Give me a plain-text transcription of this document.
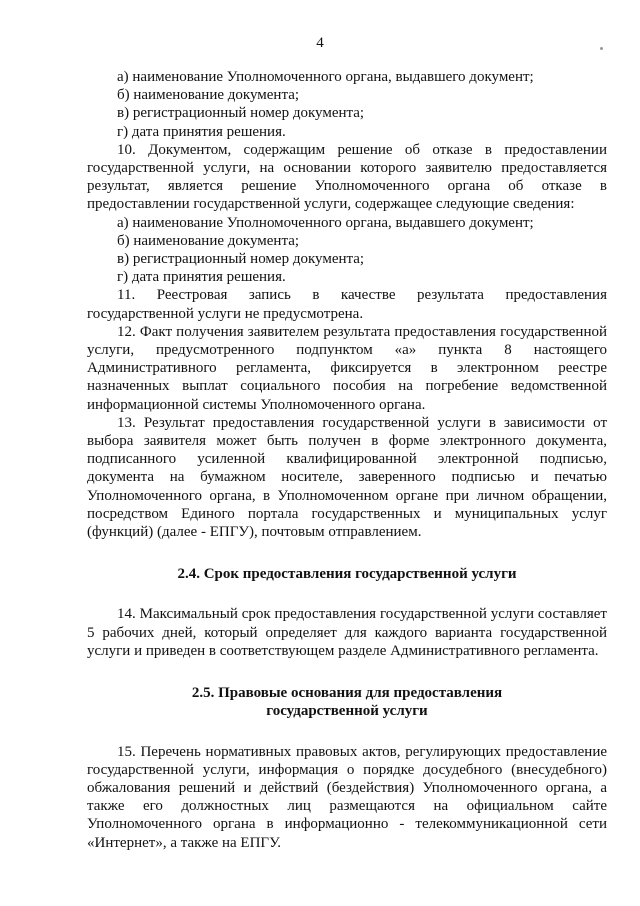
4

а) наименование Уполномоченного органа, выдавшего документ;

б) наименование документа;

в) регистрационный номер документа;

г) дата принятия решения.

10. Документом, содержащим решение об отказе в предоставлении государственной услуги, на основании которого заявителю предоставляется результат, является решение Уполномоченного органа об отказе в предоставлении государственной услуги, содержащее следующие сведения:

а) наименование Уполномоченного органа, выдавшего документ;

б) наименование документа;

в) регистрационный номер документа;

г) дата принятия решения.

11. Реестровая запись в качестве результата предоставления государственной услуги не предусмотрена.

12. Факт получения заявителем результата предоставления государственной услуги, предусмотренного подпунктом «а» пункта 8 настоящего Административного регламента, фиксируется в электронном реестре назначенных выплат социального пособия на погребение ведомственной информационной системы Уполномоченного органа.

13. Результат предоставления государственной услуги в зависимости от выбора заявителя может быть получен в форме электронного документа, подписанного усиленной квалифицированной электронной подписью, документа на бумажном носителе, заверенного подписью и печатью Уполномоченного органа, в Уполномоченном органе при личном обращении, посредством Единого портала государственных и муниципальных услуг (функций) (далее - ЕПГУ), почтовым отправлением.

2.4. Срок предоставления государственной услуги

14. Максимальный срок предоставления государственной услуги составляет 5 рабочих дней, который определяет для каждого варианта государственной услуги и приведен в соответствующем разделе Административного регламента.

2.5. Правовые основания для предоставления

государственной услуги

15. Перечень нормативных правовых актов, регулирующих предоставление государственной услуги, информация о порядке досудебного (внесудебного) обжалования решений и действий (бездействия) Уполномоченного органа, а также его должностных лиц размещаются на официальном сайте Уполномоченного органа в информационно - телекоммуникационной сети «Интернет», а также на ЕПГУ.
